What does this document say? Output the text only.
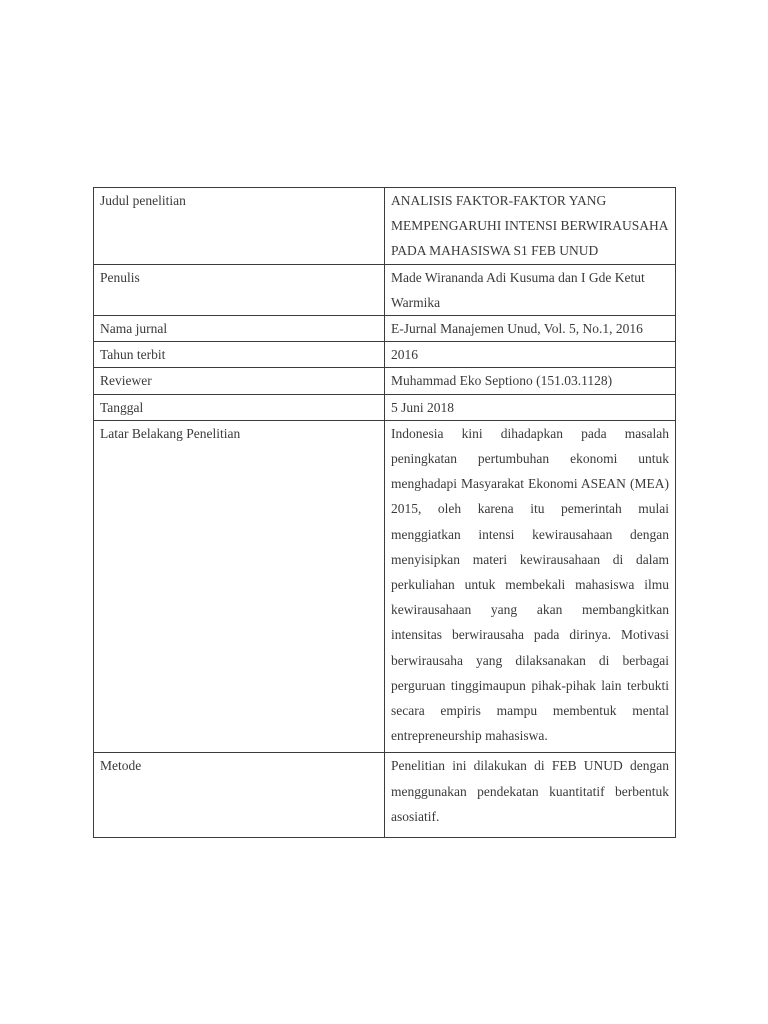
Judul penelitian	ANALISIS FAKTOR-FAKTOR YANG MEMPENGARUHI INTENSI BERWIRAUSAHA PADA MAHASISWA S1 FEB UNUD
Penulis	Made Wirananda Adi Kusuma dan I Gde Ketut Warmika
Nama jurnal	E-Jurnal Manajemen Unud, Vol. 5, No.1, 2016
Tahun terbit	2016
Reviewer	Muhammad Eko Septiono (151.03.1128)
Tanggal	5 Juni 2018
Latar Belakang Penelitian	Indonesia kini dihadapkan pada masalah peningkatan pertumbuhan ekonomi untuk menghadapi Masyarakat Ekonomi ASEAN (MEA) 2015, oleh karena itu pemerintah mulai menggiatkan intensi kewirausahaan dengan menyisipkan materi kewirausahaan di dalam perkuliahan untuk membekali mahasiswa ilmu kewirausahaan yang akan membangkitkan intensitas berwirausaha pada dirinya. Motivasi berwirausaha yang dilaksanakan di berbagai perguruan tinggimaupun pihak-pihak lain terbukti secara empiris mampu membentuk mental entrepreneurship mahasiswa.
Metode	Penelitian ini dilakukan di FEB UNUD dengan menggunakan pendekatan kuantitatif berbentuk asosiatif.
